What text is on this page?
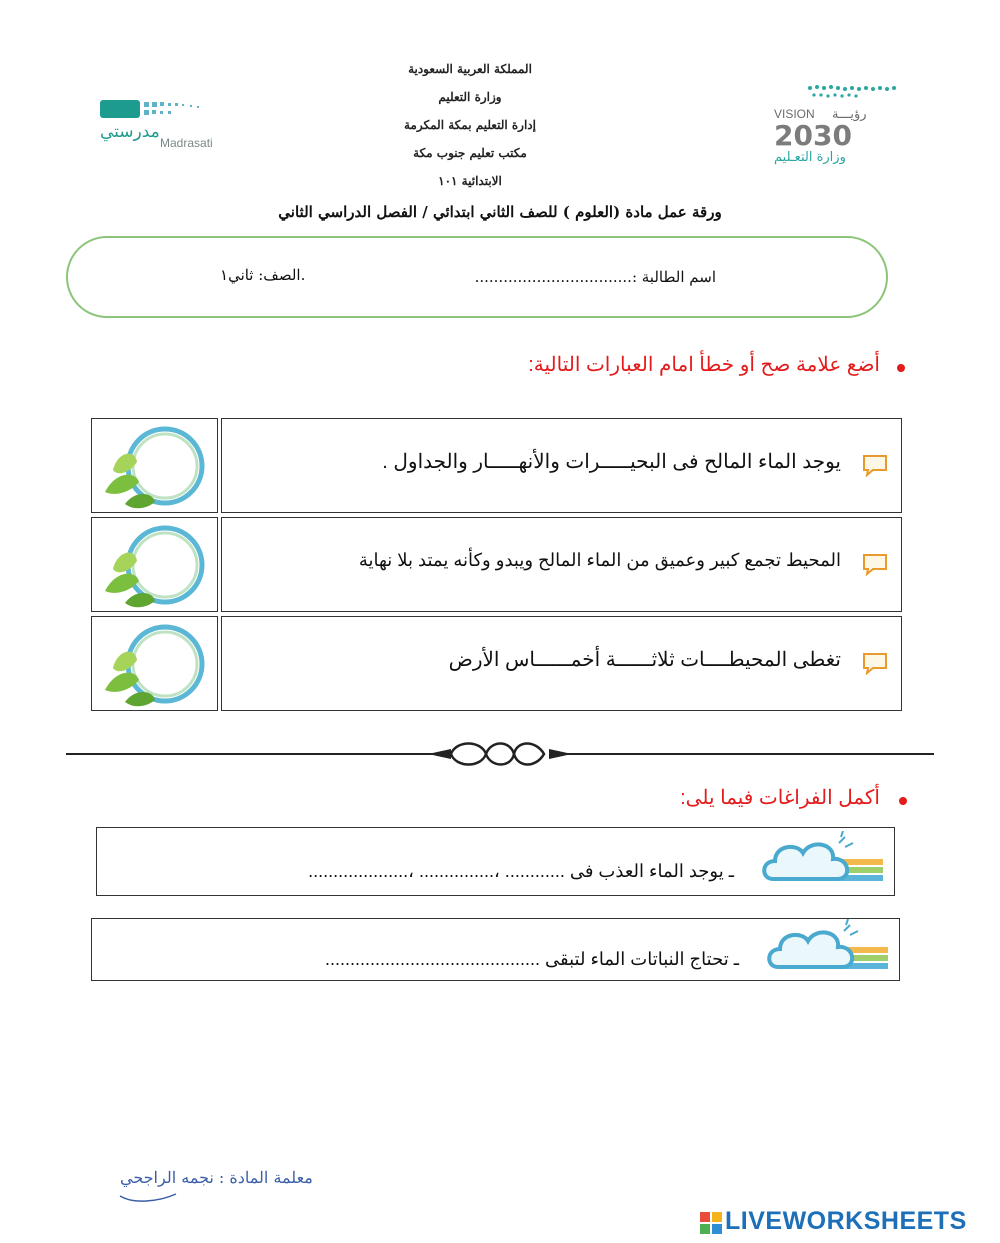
مدرستي
Madrasati
VISION رؤيـــة
2030
وزارة التعـليم
المملكة العربية السعودية
وزارة التعليم
إدارة التعليم بمكة المكرمة
مكتب تعليم جنوب مكة
الابتدائية ١٠١
ورقة عمل مادة (العلوم ) للصف الثاني ابتدائي / الفصل الدراسي الثاني
اسم الطالبة :.................................
.الصف: ثاني١
أضع علامة صح أو خطأ امام العبارات التالية:
يوجد الماء المالح فى البحيـــــرات والأنهـــــار والجداول .
المحيط تجمع كبير وعميق من الماء المالح ويبدو وكأنه يمتد بلا نهاية
تغطى المحيطــــات ثلاثــــــة أخمــــــاس الأرض
أكمل الفراغات فيما يلى:
ـ يوجد الماء العذب فى ............ ،............... ،....................
ـ تحتاج النباتات الماء لتبقى ...........................................
معلمة المادة : نجمه الراجحي
LIVEWORKSHEETS
